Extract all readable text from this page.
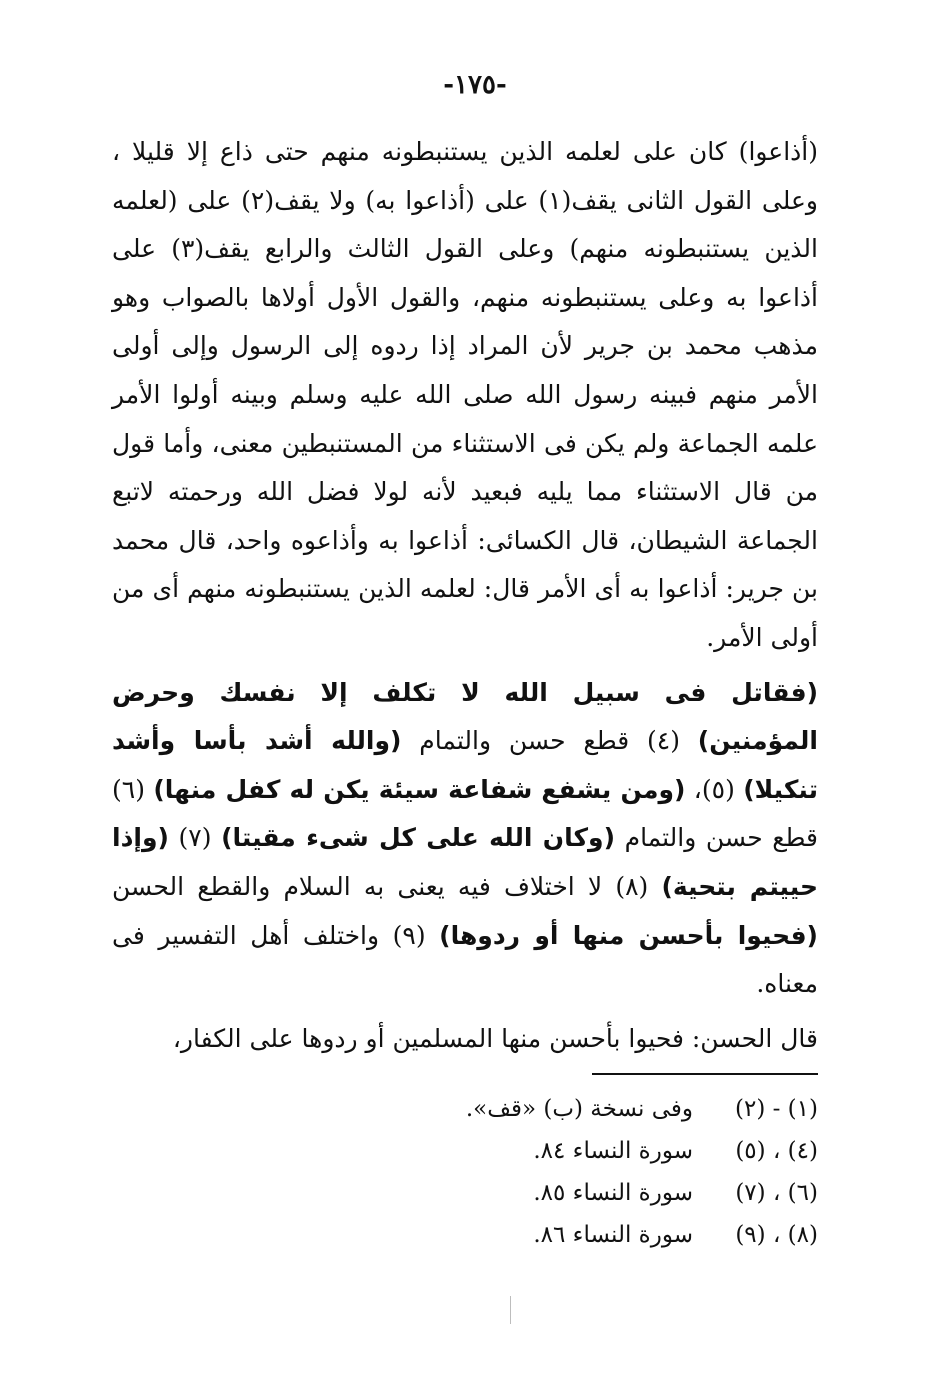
-١٧٥-

(أذاعوا) كان على لعلمه الذين يستنبطونه منهم حتى ذاع إلا قليلا ، وعلى القول الثانى يقف(١) على (أذاعوا به) ولا يقف(٢) على (لعلمه الذين يستنبطونه منهم) وعلى القول الثالث والرابع يقف(٣) على أذاعوا به وعلى يستنبطونه منهم، والقول الأول أولاها بالصواب وهو مذهب محمد بن جرير لأن المراد إذا ردوه إلى الرسول وإلى أولى الأمر منهم فبينه رسول الله صلى الله عليه وسلم وبينه أولوا الأمر علمه الجماعة ولم يكن فى الاستثناء من المستنبطين معنى، وأما قول من قال الاستثناء مما يليه فبعيد لأنه لولا فضل الله ورحمته لاتبع الجماعة الشيطان، قال الكسائى: أذاعوا به وأذاعوه واحد، قال محمد بن جرير: أذاعوا به أى الأمر قال: لعلمه الذين يستنبطونه منهم أى من أولى الأمر.

(فقاتل فى سبيل الله لا تكلف إلا نفسك وحرض المؤمنين) (٤) قطع حسن والتمام (والله أشد بأسا وأشد تنكيلا) (٥)، (ومن يشفع شفاعة سيئة يكن له كفل منها) (٦) قطع حسن والتمام (وكان الله على كل شىء مقيتا) (٧) (وإذا حييتم بتحية) (٨) لا اختلاف فيه يعنى به السلام والقطع الحسن (فحيوا بأحسن منها أو ردوها) (٩) واختلف أهل التفسير فى معناه.

قال الحسن: فحيوا بأحسن منها المسلمين أو ردوها على الكفار،

(١) - (٢)
وفى نسخة (ب) «قف».
(٤) ، (٥)
سورة النساء ٨٤.
(٦) ، (٧)
سورة النساء ٨٥.
(٨) ، (٩)
سورة النساء ٨٦.
